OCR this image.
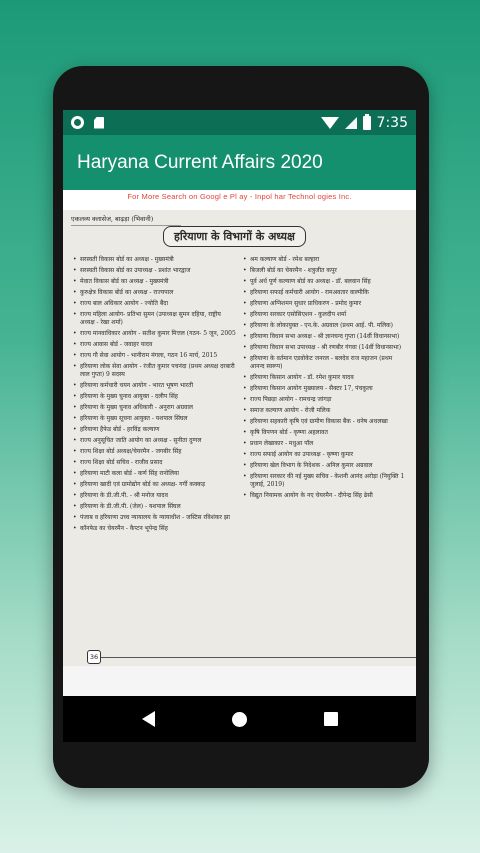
7:35
Haryana Current Affairs 2020
For More Search on Googl e Pl ay - Inpol har Technol ogies Inc.
एकलव्य क्लासेज, बाढ़ड़ा (भिवानी)
हरियाणा के विभागों के अध्यक्ष
• सरस्वती विकास बोर्ड का अध्यक्ष - मुख्यमंत्री
• सरस्वती विकास बोर्ड का उपाध्यक्ष - प्रशांत भारद्वाज
• मेवात विकास बोर्ड का अध्यक्ष - मुख्यमंत्री
• कुरुक्षेत्र विकास बोर्ड का अध्यक्ष - राज्यपाल
• राज्य बाल अधिकार आयोग - ज्योति बैंदा
• राज्य महिला आयोग- प्रतिभा सुमन (उपाध्यक्ष सुमन दहिया, राष्ट्रीय अध्यक्ष - रेखा शर्मा)
• राज्य मानवाधिकार आयोग - सतीश कुमार मित्तल (गठन- 5 जून, 2005
• राज्य आवास बोर्ड - जवाहर यादव
• राज्य गौ सेवा आयोग - भानीराम मंगला, गठन 16 मार्च, 2015
• हरियाणा लोक सेवा आयोग - रंजीत कुमार पचनंदा (प्रथम अध्यक्ष दरबारी लाल गुप्ता) 9 सदस्य
• हरियाणा कर्मचारी चयन आयोग - भारत भूषण भारती
• हरियाणा के मुख्य चुनाव आयुक्त - दलीप सिंह
• हरियाणा के मुख्य चुनाव अधिकारी - अनुराग अग्रवाल
• हरियाणा के मुख्य सूचना आयुक्त - यशपाल सिंघल
• हरियाणा हैफेड बोर्ड - हरविंद्र कल्याण
• राज्य अनुसूचित जाति आयोग का अध्यक्ष - सुनीता दुग्गल
• राज्य शिक्षा बोर्ड अध्यक्ष/चेयरमैन - जगबीर सिंह
• राज्य शिक्षा बोर्ड सचिव - राजीव प्रसाद
• हरियाणा माटी कला बोर्ड - कर्ण सिंह रानोलिया
• हरियाणा खादी एवं ग्रामोद्योग बोर्ड का अध्यक्ष- गर्गी कक्कड़
• हरियाणा के डी.जी.पी. - श्री मनोज यादव
• हरियाणा के डी.जी.पी. (जेल) - यशपाल सिंघल
• पंजाब व हरियाणा उच्च न्यायालय के न्यायाधीश - जस्टिस रविशंकर झा
• कॉनफेड का चेयरमैन - कैप्टन भूपेन्द्र सिंह
• श्रम कल्याण बोर्ड - रमेश बल्हारा
• बिजली बोर्ड का चेयरमैन - शत्रुजीत कपूर
• पूर्व अर्ध पूर्ण कल्याण बोर्ड का अध्यक्ष - डॉ. बलवान सिंह
• हरियाणा सफाई कर्मचारी आयोग - रामअवतार वाल्मीकि
• हरियाणा अग्निशमन सुधार प्राधिकरण - प्रमोद कुमार
• हरियाणा सरकार एसोसिएशन - कुलदीप शर्मा
• हरियाणा के लोकायुक्त - एन.के. अग्रवाल (प्रथम आई. पी. मलिक)
• हरियाणा विधान सभा अध्यक्ष - श्री ज्ञानचन्द गुप्ता (14वीं विधानसभा)
• हरियाणा विधान सभा उपाध्यक्ष - श्री रणबीर गंगवा (14वीं विधानसभा)
• हरियाणा के वर्तमान एडवोकेट जनरल - बलदेव राज महाजन (प्रथम आनन्द स्वरूप)
• हरियाणा किसान आयोग - डॉ. रमेश कुमार यादव
• हरियाणा किसान आयोग मुख्यालय - सैक्टर 17, पंचकुला
• राज्य पिछड़ा आयोग - रामचन्द्र जांगड़ा
• समाज कल्याण आयोग - रोजी मलिक
• हरियाणा सहकारी कृषि एवं ग्रामीण विकास बैंक - धनेष अधलखा
• कृषि विपणन बोर्ड - कृष्णा अहलावत
• प्रधान लेखाकार - मधुआ पॉल
• राज्य सफाई आयोग का उपाध्यक्ष - कृष्णा कुमार
• हरियाणा खेल विभाग के निदेशक - अनिल कुमार अग्रवाल
• हरियाणा सरकार की नई मुख्य सचिव - केशनी आनंद अरोड़ा (नियुक्ति 1 जुलाई, 2019)
• विद्युत नियामक आयोग के नए चेयरमैन - दीपेन्द्र सिंह ढेसी
36
